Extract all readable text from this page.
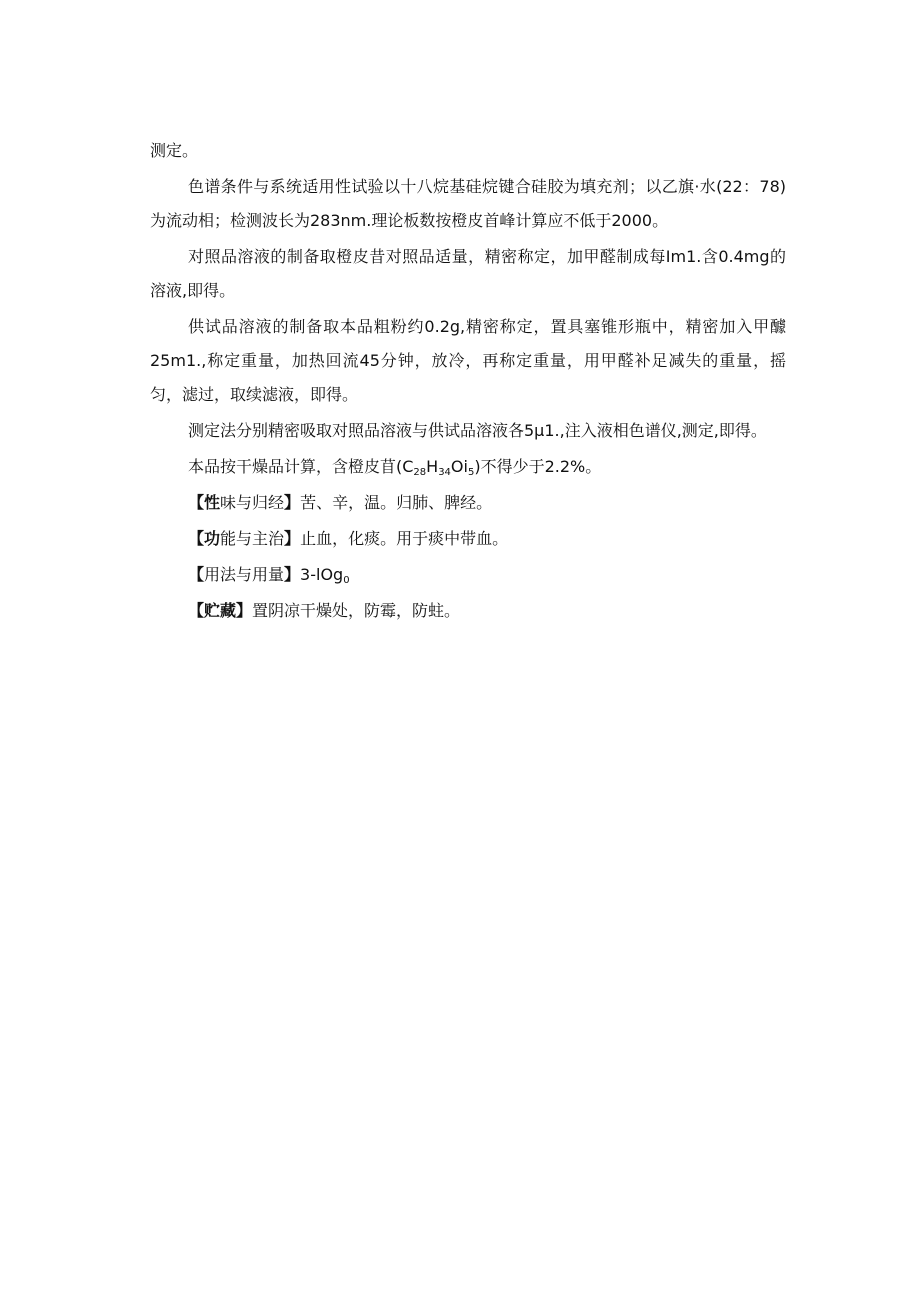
测定。

色谱条件与系统适用性试验以十八烷基硅烷键合硅胶为填充剂；以乙旗·水(22：78)为流动相；检测波长为283nm.理论板数按橙皮首峰计算应不低于2000。

对照品溶液的制备取橙皮昔对照品适量，精密称定，加甲醛制成每Im1.含0.4mg的溶液,即得。

供试品溶液的制备取本品粗粉约0.2g,精密称定，置具塞锥形瓶中，精密加入甲醵25m1.,称定重量，加热回流45分钟，放冷，再称定重量，用甲醛补足减失的重量，摇匀，滤过，取续滤液，即得。

测定法分别精密吸取对照品溶液与供试品溶液各5μ1.,注入液相色谱仪,测定,即得。

本品按干燥品计算，含橙皮苜$(C_{28}H_{34}Oi_5)$不得少于2.2%。

【性味与归经】苦、辛，温。归肺、脾经。

【功能与主治】止血，化痰。用于痰中带血。

【用法与用量】3-lOg$_0$

【贮藏】置阴凉干燥处，防霉，防蛀。
